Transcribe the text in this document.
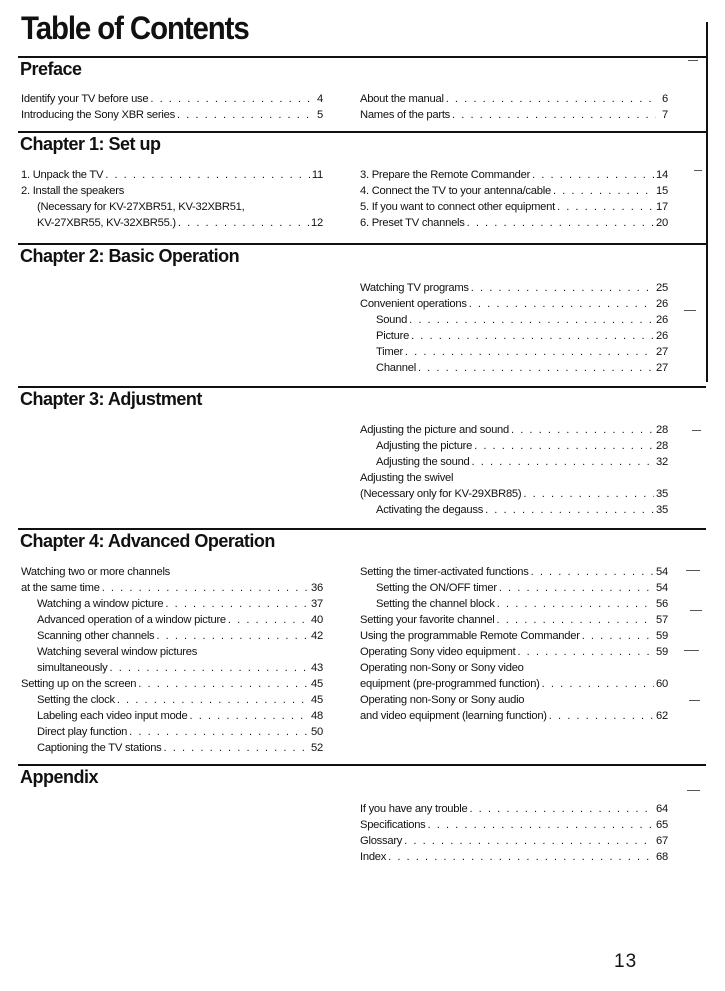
Table of Contents
Preface
Identify your TV before use . . .	4
Introducing the Sony XBR series . . .	5
About the manual . . .	6
Names of the parts . . .	7
Chapter 1: Set up
1. Unpack the TV . . .	11
2. Install the speakers
(Necessary for KV-27XBR51, KV-32XBR51,
KV-27XBR55, KV-32XBR55.) . . .	12
3. Prepare the Remote Commander . . .	14
4. Connect the TV to your antenna/cable . . .	15
5. If you want to connect other equipment . . .	17
6. Preset TV channels . . .	20
Chapter 2: Basic Operation
Watching TV programs . . .	25
Convenient operations . . .	26
Sound . . .	26
Picture . . .	26
Timer . . .	27
Channel . . .	27
Chapter 3: Adjustment
Adjusting the picture and sound . . .	28
Adjusting the picture . . .	28
Adjusting the sound . . .	32
Adjusting the swivel
(Necessary only for KV-29XBR85) . . .	35
Activating the degauss . . .	35
Chapter 4: Advanced Operation
Watching two or more channels
at the same time . . .	36
Watching a window picture . . .	37
Advanced operation of a window picture . . .	40
Scanning other channels . . .	42
Watching several window pictures
simultaneously . . .	43
Setting up on the screen . . .	45
Setting the clock . . .	45
Labeling each video input mode . . .	48
Direct play function . . .	50
Captioning the TV stations . . .	52
Setting the timer-activated functions . . .	54
Setting the ON/OFF timer . . .	54
Setting the channel block . . .	56
Setting your favorite channel . . .	57
Using the programmable Remote Commander . . .	59
Operating Sony video equipment . . .	59
Operating non-Sony or Sony video
equipment (pre-programmed function) . . .	60
Operating non-Sony or Sony audio
and video equipment (learning function) . . .	62
Appendix
If you have any trouble . . .	64
Specifications . . .	65
Glossary . . .	67
Index . . .	68
13
